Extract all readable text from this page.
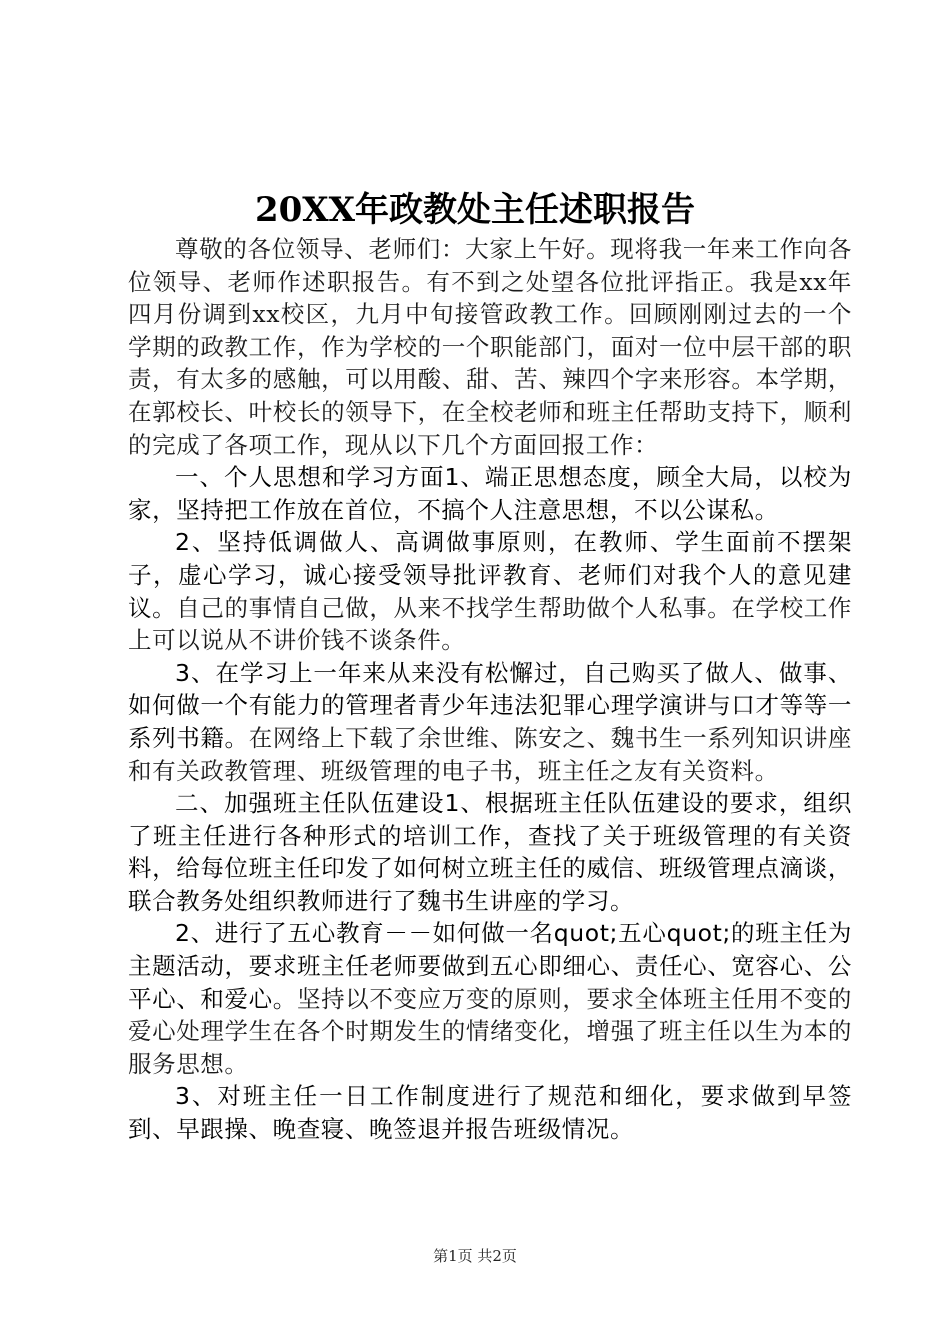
20XX年政教处主任述职报告

尊敬的各位领导、老师们：大家上午好。现将我一年来工作向各位领导、老师作述职报告。有不到之处望各位批评指正。我是xx年四月份调到xx校区，九月中旬接管政教工作。回顾刚刚过去的一个学期的政教工作，作为学校的一个职能部门，面对一位中层干部的职责，有太多的感触，可以用酸、甜、苦、辣四个字来形容。本学期，在郭校长、叶校长的领导下，在全校老师和班主任帮助支持下，顺利的完成了各项工作，现从以下几个方面回报工作：

一、个人思想和学习方面1、端正思想态度，顾全大局，以校为家，坚持把工作放在首位，不搞个人注意思想，不以公谋私。

2、坚持低调做人、高调做事原则，在教师、学生面前不摆架子，虚心学习，诚心接受领导批评教育、老师们对我个人的意见建议。自己的事情自己做，从来不找学生帮助做个人私事。在学校工作上可以说从不讲价钱不谈条件。

3、在学习上一年来从来没有松懈过，自己购买了做人、做事、如何做一个有能力的管理者青少年违法犯罪心理学演讲与口才等等一系列书籍。在网络上下载了余世维、陈安之、魏书生一系列知识讲座和有关政教管理、班级管理的电子书，班主任之友有关资料。

二、加强班主任队伍建设1、根据班主任队伍建设的要求，组织了班主任进行各种形式的培训工作，查找了关于班级管理的有关资料，给每位班主任印发了如何树立班主任的威信、班级管理点滴谈，联合教务处组织教师进行了魏书生讲座的学习。

2、进行了五心教育－－如何做一名quot;五心quot;的班主任为主题活动，要求班主任老师要做到五心即细心、责任心、宽容心、公平心、和爱心。坚持以不变应万变的原则，要求全体班主任用不变的爱心处理学生在各个时期发生的情绪变化，增强了班主任以生为本的服务思想。

3、对班主任一日工作制度进行了规范和细化，要求做到早签到、早跟操、晚查寝、晚签退并报告班级情况。

第1页 共2页
